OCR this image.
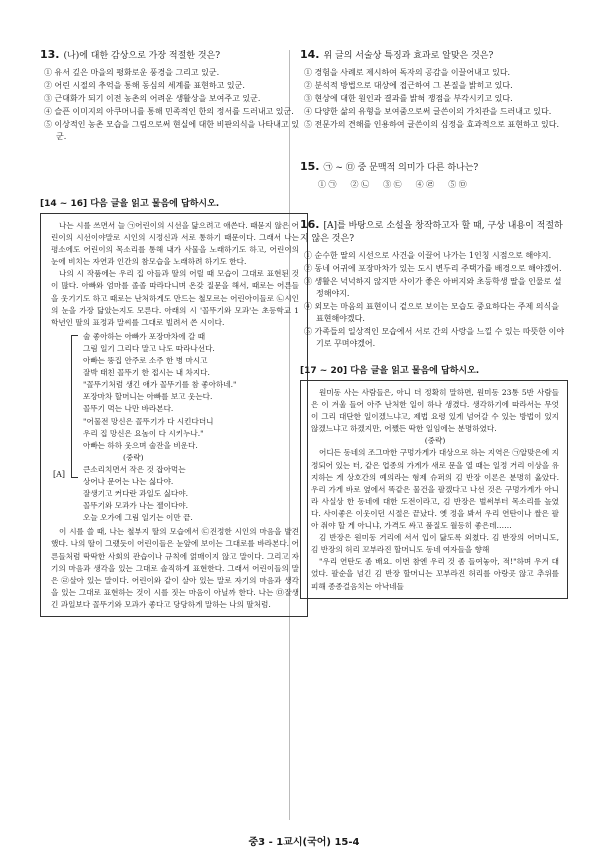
13. (나)에 대한 감상으로 가장 적절한 것은?

① 유서 깊은 마을의 평화로운 풍경을 그리고 있군.

② 어린 시절의 추억을 통해 동심의 세계를 표현하고 있군.

③ 근대화가 되기 이전 농촌의 어려운 생활상을 보여주고 있군.

④ 슬픈 이미지의 아쿠머니를 통해 민족적인 한의 정서를 드러내고 있군.

⑤ 이상적인 농촌 모습을 그림으로써 현실에 대한 비판의식을 나타내고 있군.

[14 ~ 16] 다음 글을 읽고 물음에 답하시오.

나는 시를 쓰면서 늘 ㉠어린이의 시선을 닮으려고 애쓴다. 때묻지 않은 어린이의 시선이야말로 시인의 시정신과 서로 통하기 때문이다. 그래서 나는 평소에도 어린이의 목소리를 통해 내가 사물을 노래하기도 하고, 어린이의 눈에 비치는 자연과 인간의 참모습을 노래하려 하기도 한다.

나의 시 작품에는 우리 집 아들과 딸의 어릴 때 모습이 그대로 표현된 것이 많다. 아빠와 엄마를 졸졸 따라다니며 온갖 질문을 해서, 때로는 어른들을 웃기기도 하고 때로는 난처하게도 만드는 철모르는 어린아이들로 ㉡시인의 눈을 가장 닮았는지도 모른다. 아래의 시 '꼴뚜기와 모과'는 초등학교 1학년인 딸의 표정과 말씨를 그대로 빌려서 쓴 시이다.

[A]

술 좋아하는 아빠가 포장마차에 갈 때

그림 일기 그리다 말고 나도 따라나선다.

아빠는 뚱집 안주로 소주 한 병 마시고

잘박 태친 꼴뚜기 한 접시는 내 차지다.

"꼴뚜기처럼 생긴 애가 꼴뚜기를 참 좋아하네."

포장마차 할머니는 아빠를 보고 웃는다.

꼴뚜기 먹는 나만 바라본다.

"어물전 망신은 꼴뚜기가 다 시킨다더니

우리 집 망신은 요놈이 다 시키누나."

아빠는 하하 웃으며 술잔을 비운다.

(중략)

큰소리치면서 작은 것 잡아먹는

상어나 문어는 나는 싫다야.

잘생기고 커다란 과일도 싫다야.

꼴뚜기와 모과가 나는 젤이다야.

오늘 오가에 그림 일기는 이만 끝.

이 시를 쓸 때, 나는 철부지 딸의 모습에서 ㉢진정한 시인의 마음을 발견했다. 나의 딸이 그랬듯이 어린이들은 눈앞에 보이는 그대로를 바라본다. 어른들처럼 딱딱한 사회의 관습이나 규칙에 얽매이지 않고 말이다. 그리고 자기의 마음과 생각을 있는 그대로 솔직하게 표현한다. 그래서 어린이들의 말은 ㉣살아 있는 말이다. 어린이와 같이 살아 있는 말로 자기의 마음과 생각을 있는 그대로 표현하는 것이 시를 짓는 마음이 아닐까 한다. 나는 ㉤잘생긴 과일보다 꼴뚜기와 모과가 좋다고 당당하게 말하는 나의 딸처럼.

14. 위 글의 서술상 특징과 효과로 알맞은 것은?

① 경험을 사례로 제시하여 독자의 공감을 이끌어내고 있다.

② 분석적 방법으로 대상에 접근하여 그 본질을 밝히고 있다.

③ 현상에 대한 원인과 결과를 밝혀 쟁점을 부각시키고 있다.

④ 다양한 삶의 유형을 보여줌으로써 글쓴이의 가치관을 드러내고 있다.

⑤ 전문가의 견해를 인용하여 글쓴이의 심정을 효과적으로 표현하고 있다.

15. ㉠ ~ ㉤ 중 문맥적 의미가 다른 하나는?

① ㉠ ② ㉡ ③ ㉢ ④ ㉣ ⑤ ㉤

16. [A]를 바탕으로 소설을 창작하고자 할 때, 구상 내용이 적절하지 않은 것은?

① 순수한 딸의 시선으로 사건을 이끌어 나가는 1인칭 시점으로 해야지.

② 동네 어귀에 포장마차가 있는 도시 변두리 주택가를 배경으로 해야겠어.

③ 생활은 넉넉하지 않지만 사이가 좋은 아버지와 초등학생 딸을 인물로 설정해야지.

④ 외모는 마음의 표현이니 겉으로 보이는 모습도 중요하다는 주제 의식을 표현해야겠다.

⑤ 가족들의 일상적인 모습에서 서로 간의 사랑을 느낄 수 있는 따뜻한 이야기로 꾸며야겠어.

[17 ~ 20] 다음 글을 읽고 물음에 답하시오.

원미동 사는 사람들은, 아니 더 정확히 말하면, 원미동 23통 5반 사람들은 이 겨울 들어 아주 난처한 일이 하나 생겼다. 생각하기에 따라서는 무엇이 그리 대단한 일이겠느냐고, 제법 요령 있게 넘어갈 수 있는 방법이 있지 않겠느냐고 하겠지만, 어쨌든 딱한 일임에는 분명하였다.

(중략)

어디든 동네의 조그마한 구멍가게가 대상으로 하는 지역은 ㉠알맞은에 지정되어 있는 터, 같은 업종의 가게가 새로 문을 열 때는 일정 거리 이상을 유지하는 게 상호간의 예의라는 형제 슈퍼의 김 반장 이론은 분명히 옳았다. 우리 가게 바로 옆에서 똑같은 물건을 팔겠다고 나선 것은 구멍가게가 아니라 사실상 한 동네에 대한 도전이라고, 김 반장은 벌써부터 목소리를 높였다. 사이좋은 이웃이던 시절은 끝났다. 옛 정을 봐서 우리 연탄이나 쌀은 팔아 줘야 할 게 아니냐, 가격도 싸고 품질도 월등히 좋은데……

김 반장은 원미동 거리에 서서 입이 닳도록 외쳤다. 김 반장의 어머니도, 김 반장의 허리 꼬부라진 할머니도 동네 여자들을 향해

"우리 연탄도 좀 배요. 이번 참엔 우리 것 좀 들여놓아, 적!"하며 우겨 대었다. 팔순을 넘긴 김 반장 할머니는 꼬부라진 허리를 아랑곳 않고 추위를 피해 종종걸음치는 아낙네들

중3 - 1교시(국어) 15-4
